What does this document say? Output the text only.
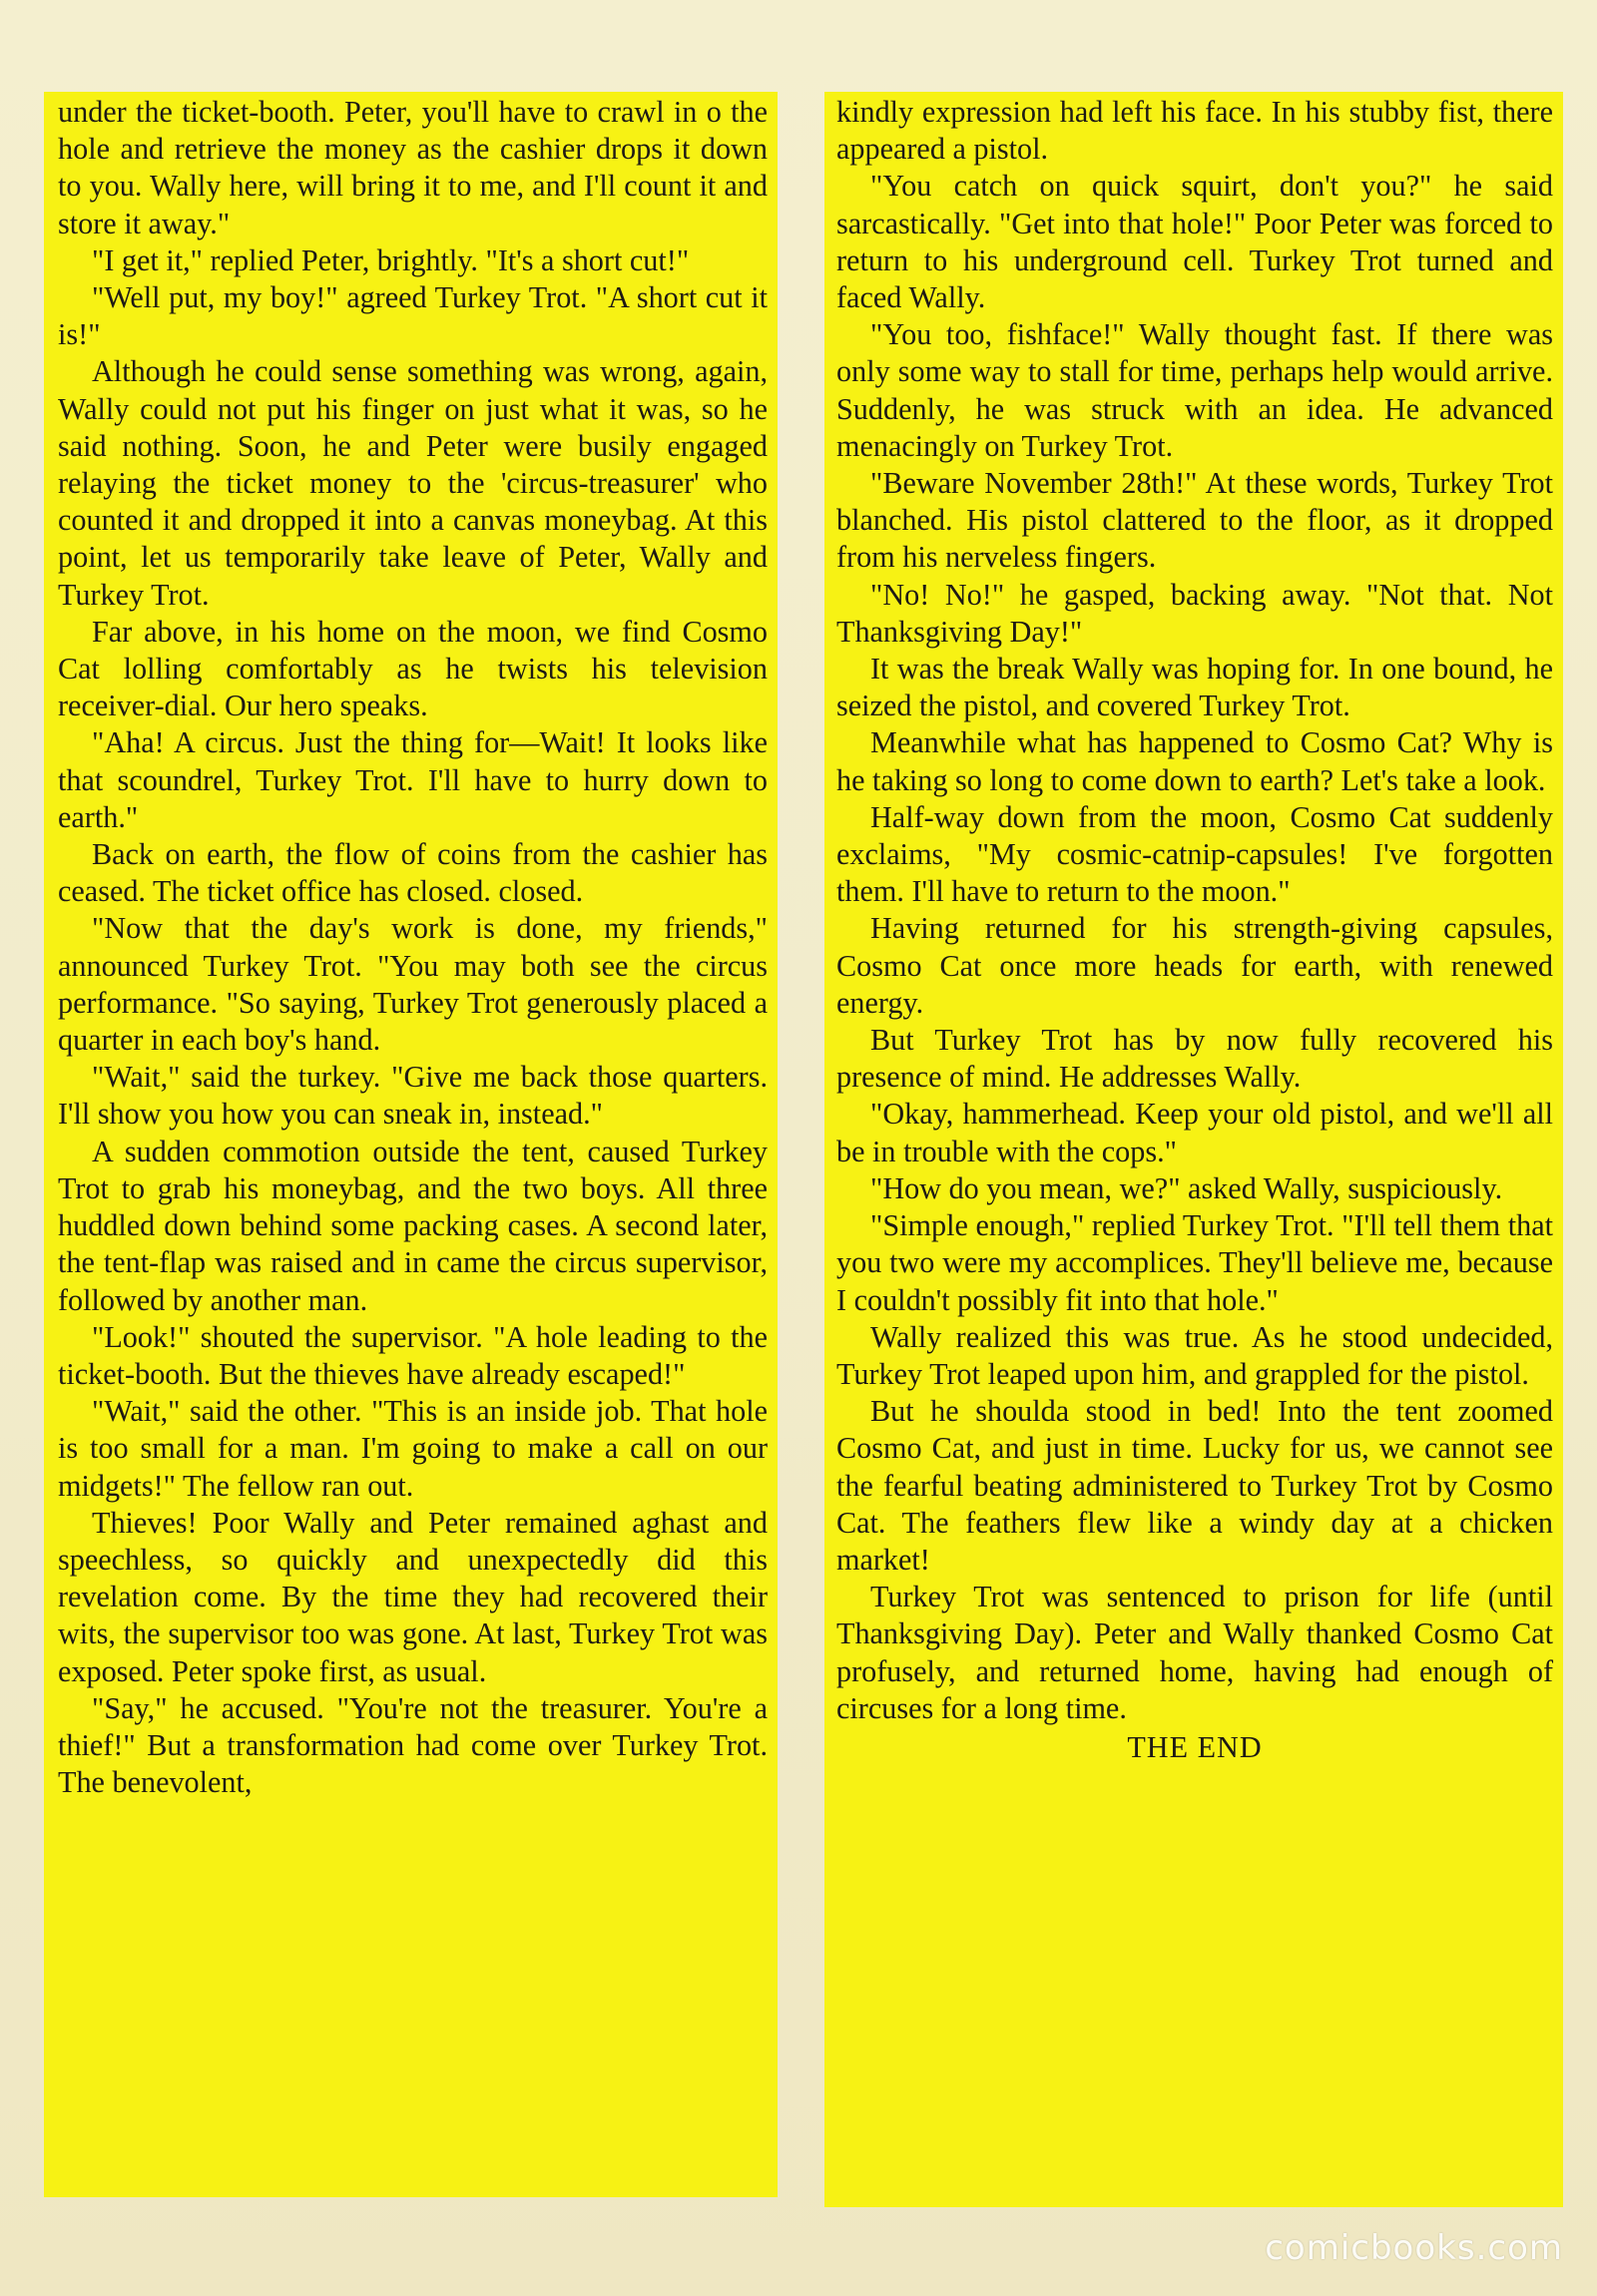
under the ticket-booth. Peter, you'll have to crawl in o the hole and retrieve the money as the cashier drops it down to you. Wally here, will bring it to me, and I'll count it and store it away."

"I get it," replied Peter, brightly. "It's a short cut!"

"Well put, my boy!" agreed Turkey Trot. "A short cut it is!"

Although he could sense something was wrong, again, Wally could not put his finger on just what it was, so he said nothing. Soon, he and Peter were busily engaged relaying the ticket money to the 'circus-treasurer' who counted it and dropped it into a canvas moneybag. At this point, let us temporarily take leave of Peter, Wally and Turkey Trot.

Far above, in his home on the moon, we find Cosmo Cat lolling comfortably as he twists his television receiver-dial. Our hero speaks.

"Aha! A circus. Just the thing for—Wait! It looks like that scoundrel, Turkey Trot. I'll have to hurry down to earth."

Back on earth, the flow of coins from the cashier has ceased. The ticket office has closed. closed.

"Now that the day's work is done, my friends," announced Turkey Trot. "You may both see the circus performance. "So saying, Turkey Trot generously placed a quarter in each boy's hand.

"Wait," said the turkey. "Give me back those quarters. I'll show you how you can sneak in, instead."

A sudden commotion outside the tent, caused Turkey Trot to grab his moneybag, and the two boys. All three huddled down behind some packing cases. A second later, the tent-flap was raised and in came the circus supervisor, followed by another man.

"Look!" shouted the supervisor. "A hole leading to the ticket-booth. But the thieves have already escaped!"

"Wait," said the other. "This is an inside job. That hole is too small for a man. I'm going to make a call on our midgets!" The fellow ran out.

Thieves! Poor Wally and Peter remained aghast and speechless, so quickly and unexpectedly did this revelation come. By the time they had recovered their wits, the supervisor too was gone. At last, Turkey Trot was exposed. Peter spoke first, as usual.

"Say," he accused. "You're not the treasurer. You're a thief!" But a transformation had come over Turkey Trot. The benevolent,

kindly expression had left his face. In his stubby fist, there appeared a pistol.

"You catch on quick squirt, don't you?" he said sarcastically. "Get into that hole!" Poor Peter was forced to return to his underground cell. Turkey Trot turned and faced Wally.

"You too, fishface!" Wally thought fast. If there was only some way to stall for time, perhaps help would arrive. Suddenly, he was struck with an idea. He advanced menacingly on Turkey Trot.

"Beware November 28th!" At these words, Turkey Trot blanched. His pistol clattered to the floor, as it dropped from his nerveless fingers.

"No! No!" he gasped, backing away. "Not that. Not Thanksgiving Day!"

It was the break Wally was hoping for. In one bound, he seized the pistol, and covered Turkey Trot.

Meanwhile what has happened to Cosmo Cat? Why is he taking so long to come down to earth? Let's take a look.

Half-way down from the moon, Cosmo Cat suddenly exclaims, "My cosmic-catnip-capsules! I've forgotten them. I'll have to return to the moon."

Having returned for his strength-giving capsules, Cosmo Cat once more heads for earth, with renewed energy.

But Turkey Trot has by now fully recovered his presence of mind. He addresses Wally.

"Okay, hammerhead. Keep your old pistol, and we'll all be in trouble with the cops."

"How do you mean, we?" asked Wally, suspiciously.

"Simple enough," replied Turkey Trot. "I'll tell them that you two were my accomplices. They'll believe me, because I couldn't possibly fit into that hole."

Wally realized this was true. As he stood undecided, Turkey Trot leaped upon him, and grappled for the pistol.

But he shoulda stood in bed! Into the tent zoomed Cosmo Cat, and just in time. Lucky for us, we cannot see the fearful beating administered to Turkey Trot by Cosmo Cat. The feathers flew like a windy day at a chicken market!

Turkey Trot was sentenced to prison for life (until Thanksgiving Day). Peter and Wally thanked Cosmo Cat profusely, and returned home, having had enough of circuses for a long time.

THE END

comicbooks.com
